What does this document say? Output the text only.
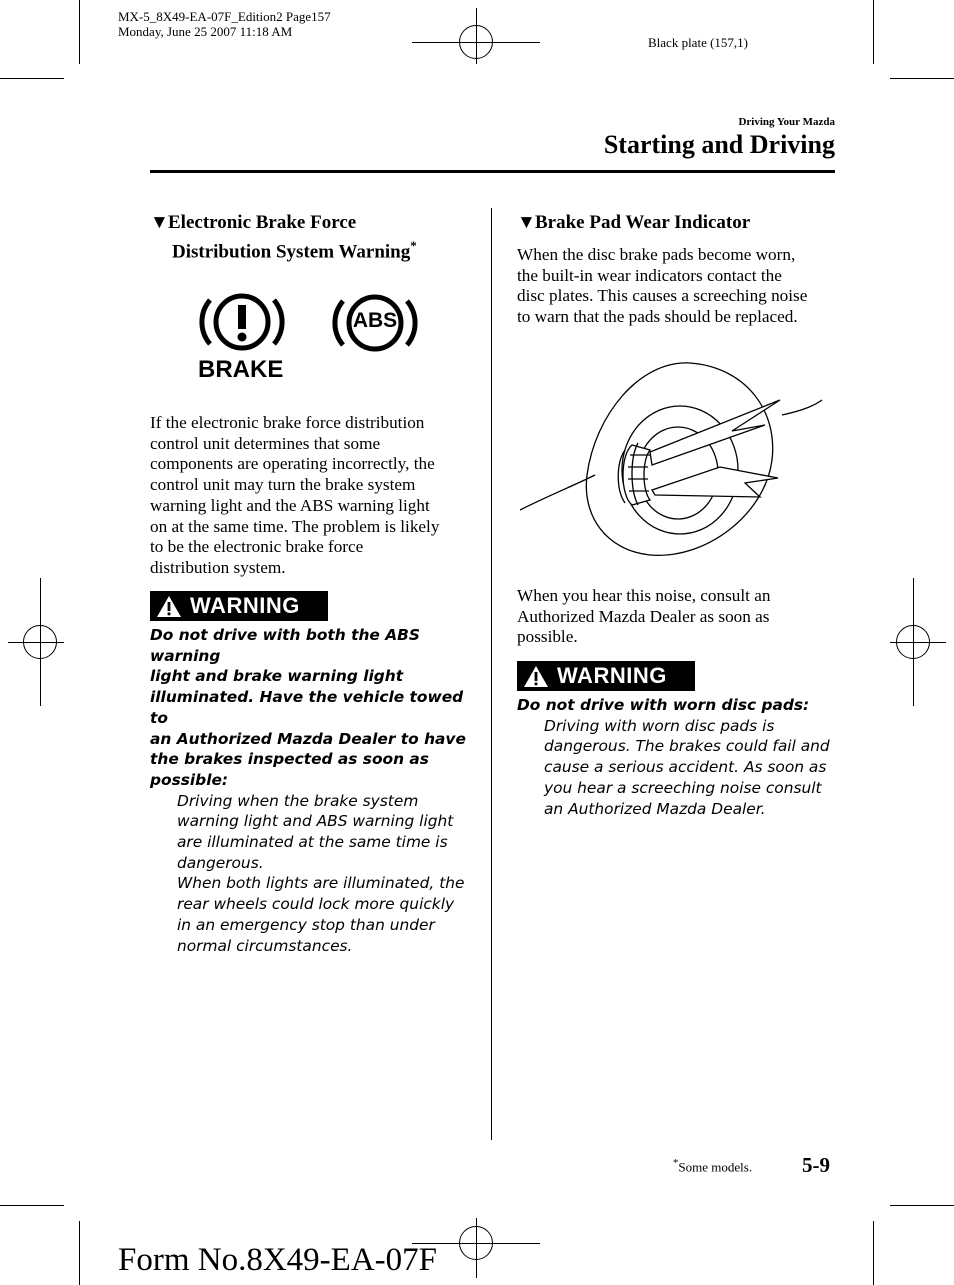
MX-5_8X49-EA-07F_Edition2 Page157
Monday, June 25 2007 11:18 AM
Black plate (157,1)
Driving Your Mazda
Starting and Driving
▼Electronic Brake Force
Distribution System Warning*
BRAKE
ABS
If the electronic brake force distribution
control unit determines that some
components are operating incorrectly, the
control unit may turn the brake system
warning light and the ABS warning light
on at the same time. The problem is likely
to be the electronic brake force
distribution system.
WARNING
Do not drive with both the ABS warning
light and brake warning light
illuminated. Have the vehicle towed to
an Authorized Mazda Dealer to have
the brakes inspected as soon as
possible:
Driving when the brake system
warning light and ABS warning light
are illuminated at the same time is
dangerous.
When both lights are illuminated, the
rear wheels could lock more quickly
in an emergency stop than under
normal circumstances.
▼Brake Pad Wear Indicator
When the disc brake pads become worn,
the built-in wear indicators contact the
disc plates. This causes a screeching noise
to warn that the pads should be replaced.
When you hear this noise, consult an
Authorized Mazda Dealer as soon as
possible.
WARNING
Do not drive with worn disc pads:
Driving with worn disc pads is
dangerous. The brakes could fail and
cause a serious accident. As soon as
you hear a screeching noise consult
an Authorized Mazda Dealer.
*Some models. 5-9
Form No.8X49-EA-07F
